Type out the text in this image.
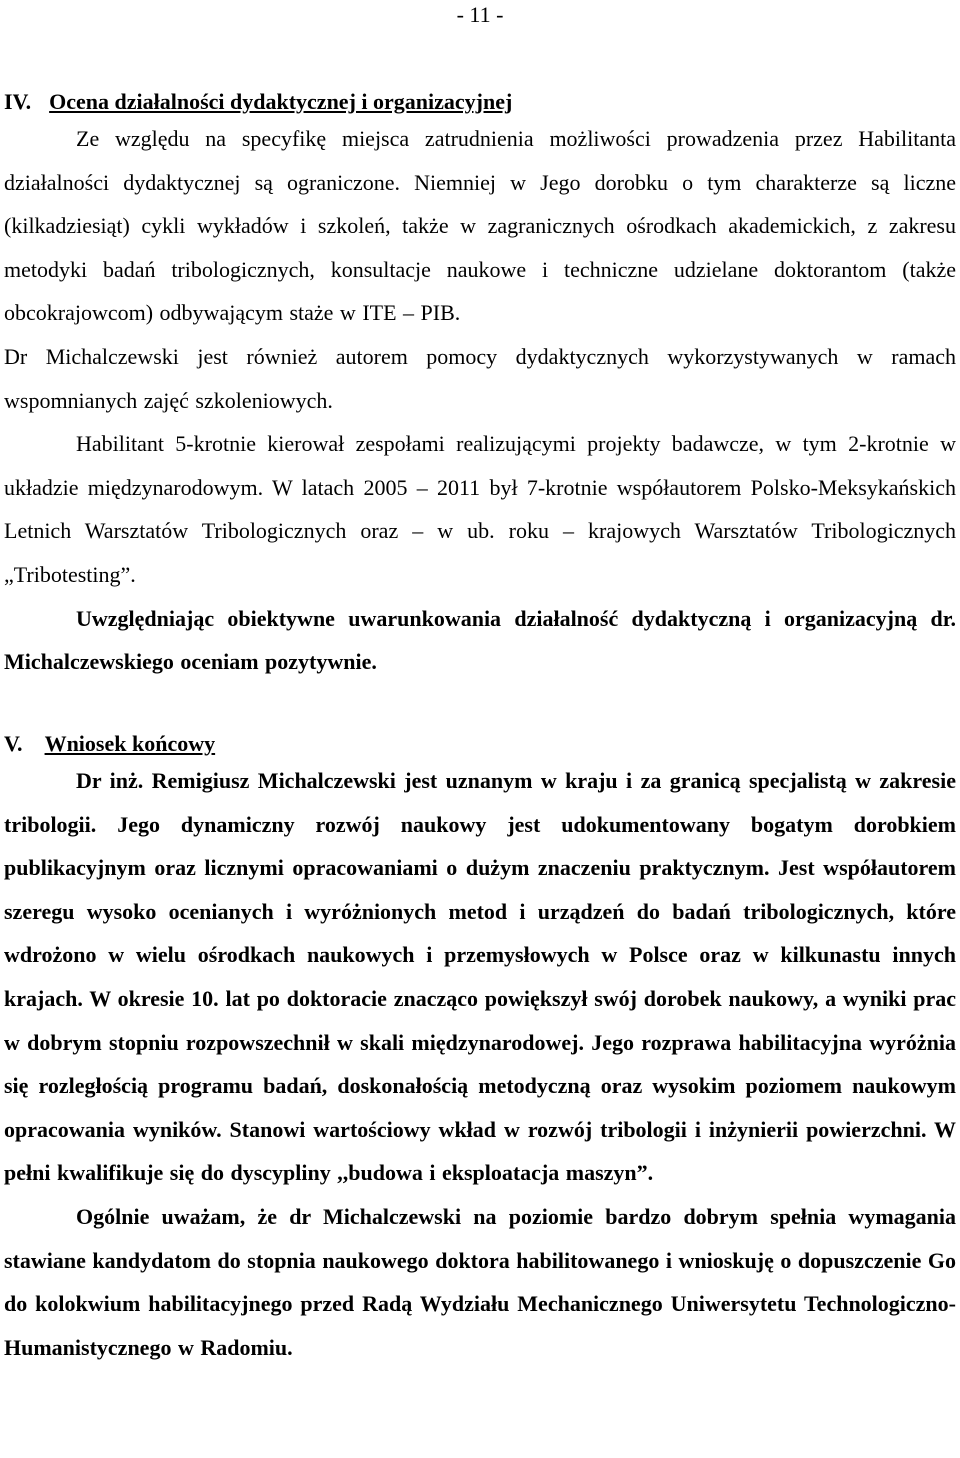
- 11 -
IV. Ocena działalności dydaktycznej i organizacyjnej

Ze względu na specyfikę miejsca zatrudnienia możliwości prowadzenia przez Habilitanta działalności dydaktycznej są ograniczone. Niemniej w Jego dorobku o tym charakterze są liczne (kilkadziesiąt) cykli wykładów i szkoleń, także w zagranicznych ośrodkach akademickich, z zakresu metodyki badań tribologicznych, konsultacje naukowe i techniczne udzielane doktorantom (także obcokrajowcom) odbywającym staże w ITE – PIB.

Dr Michalczewski jest również autorem pomocy dydaktycznych wykorzystywanych w ramach wspomnianych zajęć szkoleniowych.

Habilitant 5-krotnie kierował zespołami realizującymi projekty badawcze, w tym 2-krotnie w układzie międzynarodowym. W latach 2005 – 2011 był 7-krotnie współautorem Polsko-Meksykańskich Letnich Warsztatów Tribologicznych oraz – w ub. roku – krajowych Warsztatów Tribologicznych „Tribotesting”.

Uwzględniając obiektywne uwarunkowania działalność dydaktyczną i organizacyjną dr. Michalczewskiego oceniam pozytywnie.

V. Wniosek końcowy

Dr inż. Remigiusz Michalczewski jest uznanym w kraju i za granicą specjalistą w zakresie tribologii. Jego dynamiczny rozwój naukowy jest udokumentowany bogatym dorobkiem publikacyjnym oraz licznymi opracowaniami o dużym znaczeniu praktycznym. Jest współautorem szeregu wysoko ocenianych i wyróżnionych metod i urządzeń do badań tribologicznych, które wdrożono w wielu ośrodkach naukowych i przemysłowych w Polsce oraz w kilkunastu innych krajach. W okresie 10. lat po doktoracie znacząco powiększył swój dorobek naukowy, a wyniki prac w dobrym stopniu rozpowszechnił w skali międzynarodowej. Jego rozprawa habilitacyjna wyróżnia się rozległością programu badań, doskonałością metodyczną oraz wysokim poziomem naukowym opracowania wyników. Stanowi wartościowy wkład w rozwój tribologii i inżynierii powierzchni. W pełni kwalifikuje się do dyscypliny ,,budowa i eksploatacja maszyn”.

Ogólnie uważam, że dr Michalczewski na poziomie bardzo dobrym spełnia wymagania stawiane kandydatom do stopnia naukowego doktora habilitowanego i wnioskuję o dopuszczenie Go do kolokwium habilitacyjnego przed Radą Wydziału Mechanicznego Uniwersytetu Technologiczno-Humanistycznego w Radomiu.
